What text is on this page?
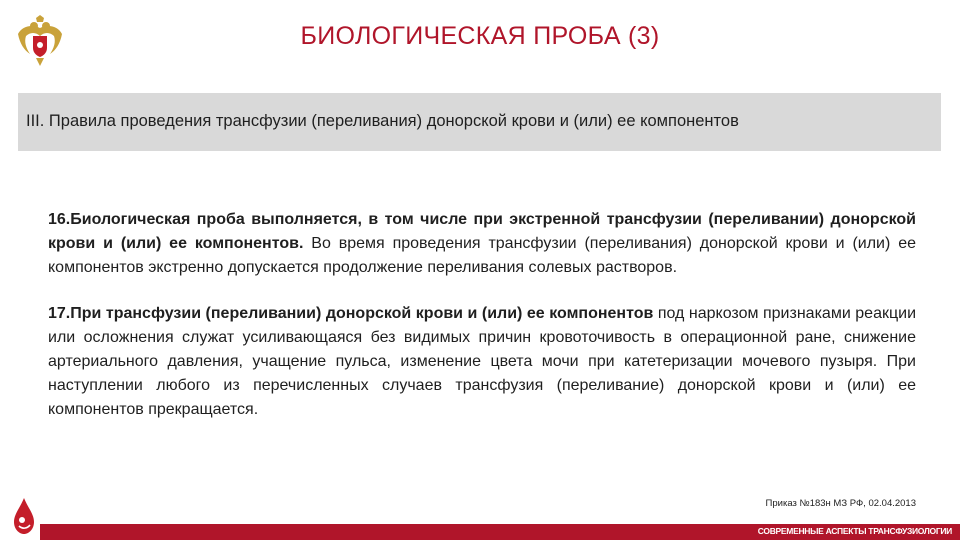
БИОЛОГИЧЕСКАЯ ПРОБА (3)
III. Правила проведения трансфузии (переливания) донорской крови и (или) ее компонентов

16.Биологическая проба выполняется, в том числе при экстренной трансфузии (переливании) донорской крови и (или) ее компонентов. Во время проведения трансфузии (переливания) донорской крови и (или) ее компонентов экстренно допускается продолжение переливания солевых растворов.

17.При трансфузии (переливании) донорской крови и (или) ее компонентов под наркозом признаками реакции или осложнения служат усиливающаяся без видимых причин кровоточивость в операционной ране, снижение артериального давления, учащение пульса, изменение цвета мочи при катетеризации мочевого пузыря. При наступлении любого из перечисленных случаев трансфузия (переливание) донорской крови и (или) ее компонентов прекращается.

Приказ №183н МЗ РФ, 02.04.2013
СОВРЕМЕННЫЕ АСПЕКТЫ ТРАНСФУЗИОЛОГИИ
